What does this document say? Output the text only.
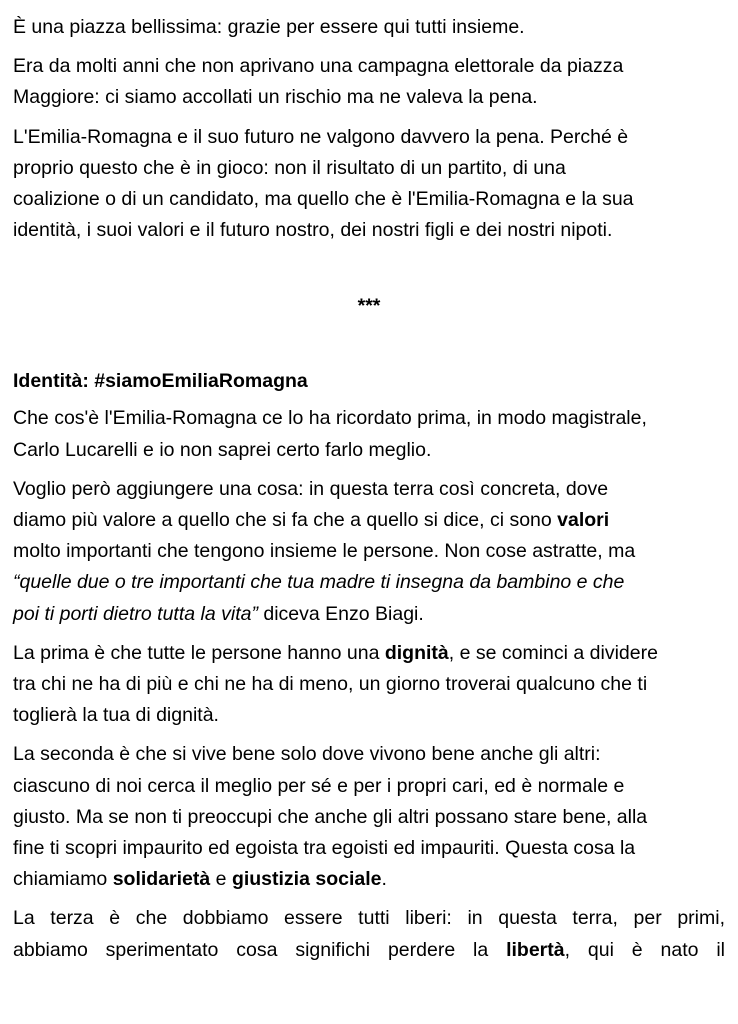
È una piazza bellissima: grazie per essere qui tutti insieme.

Era da molti anni che non aprivano una campagna elettorale da piazza
Maggiore: ci siamo accollati un rischio ma ne valeva la pena.

L'Emilia-Romagna e il suo futuro ne valgono davvero la pena. Perché è
proprio questo che è in gioco: non il risultato di un partito, di una
coalizione o di un candidato, ma quello che è l'Emilia-Romagna e la sua
identità, i suoi valori e il futuro nostro, dei nostri figli e dei nostri nipoti.

***
Identità: #siamoEmiliaRomagna

Che cos'è l'Emilia-Romagna ce lo ha ricordato prima, in modo magistrale,
Carlo Lucarelli e io non saprei certo farlo meglio.

Voglio però aggiungere una cosa: in questa terra così concreta, dove
diamo più valore a quello che si fa che a quello si dice, ci sono valori
molto importanti che tengono insieme le persone. Non cose astratte, ma
“quelle due o tre importanti che tua madre ti insegna da bambino e che
poi ti porti dietro tutta la vita” diceva Enzo Biagi.

La prima è che tutte le persone hanno una dignità, e se cominci a dividere
tra chi ne ha di più e chi ne ha di meno, un giorno troverai qualcuno che ti
toglierà la tua di dignità.

La seconda è che si vive bene solo dove vivono bene anche gli altri:
ciascuno di noi cerca il meglio per sé e per i propri cari, ed è normale e
giusto. Ma se non ti preoccupi che anche gli altri possano stare bene, alla
fine ti scopri impaurito ed egoista tra egoisti ed impauriti. Questa cosa la
chiamiamo solidarietà e giustizia sociale.

La terza è che dobbiamo essere tutti liberi: in questa terra, per primi,
abbiamo sperimentato cosa significhi perdere la libertà, qui è nato il
